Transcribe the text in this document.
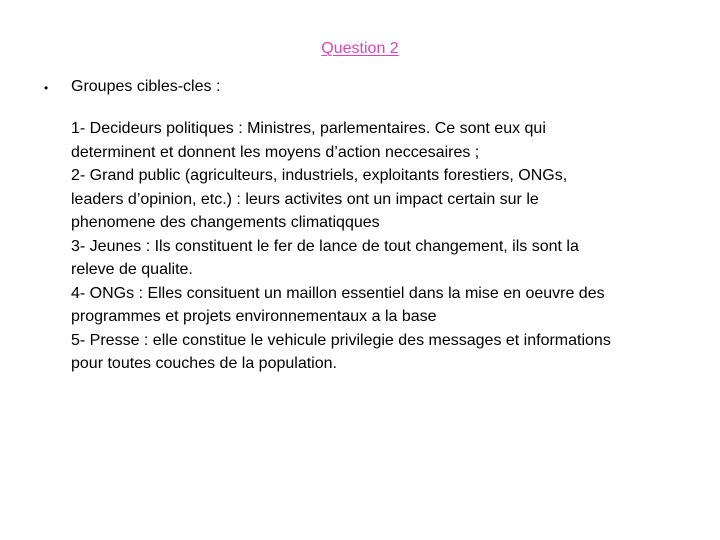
Question 2
• Groupes cibles-cles :
1- Decideurs politiques : Ministres, parlementaires. Ce sont eux qui
determinent et donnent les moyens d’action neccesaires ;
2- Grand public (agriculteurs, industriels, exploitants forestiers, ONGs,
leaders d’opinion, etc.) : leurs activites ont un impact certain sur le
phenomene des changements climatiqques
3- Jeunes : Ils constituent le fer de lance de tout changement, ils sont la
releve de qualite.
4- ONGs : Elles consituent un maillon essentiel dans la mise en oeuvre des
programmes et projets environnementaux a la base
5- Presse : elle constitue le vehicule privilegie des messages et informations
pour toutes couches de la population.
